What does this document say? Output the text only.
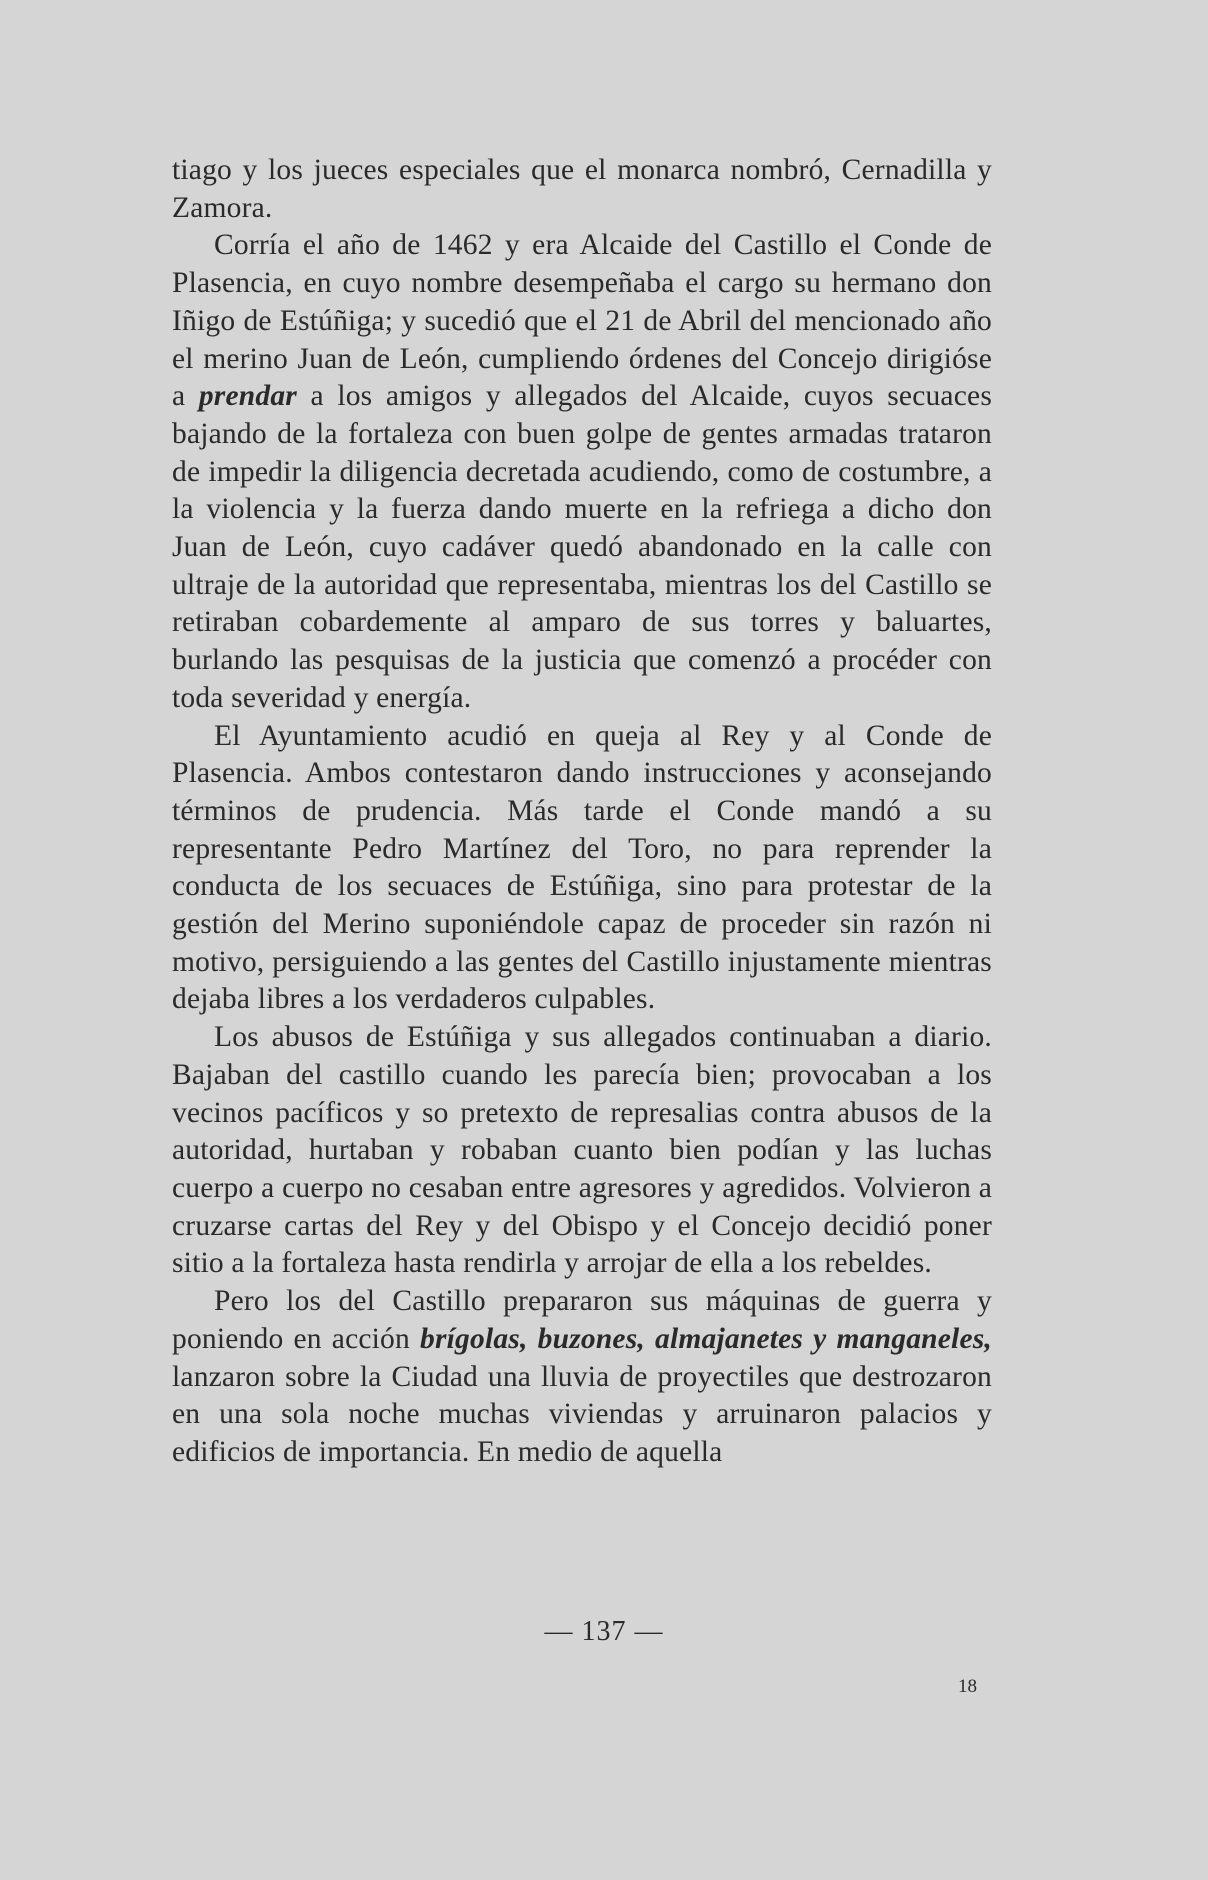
tiago y los jueces especiales que el monarca nombró, Cernadilla y Zamora.

Corría el año de 1462 y era Alcaide del Castillo el Conde de Plasencia, en cuyo nombre desempeñaba el cargo su hermano don Iñigo de Estúñiga; y sucedió que el 21 de Abril del mencionado año el merino Juan de León, cumpliendo órdenes del Concejo dirigióse a prendar a los amigos y allegados del Alcaide, cuyos secuaces bajando de la fortaleza con buen golpe de gentes armadas trataron de impedir la diligencia decretada acudiendo, como de costumbre, a la violencia y la fuerza dando muerte en la refriega a dicho don Juan de León, cuyo cadáver quedó abandonado en la calle con ultraje de la autoridad que representaba, mientras los del Castillo se retiraban cobardemente al amparo de sus torres y baluartes, burlando las pesquisas de la justicia que comenzó a procéder con toda severidad y energía.

El Ayuntamiento acudió en queja al Rey y al Conde de Plasencia. Ambos contestaron dando instrucciones y aconsejando términos de prudencia. Más tarde el Conde mandó a su representante Pedro Martínez del Toro, no para reprender la conducta de los secuaces de Estúñiga, sino para protestar de la gestión del Merino suponiéndole capaz de proceder sin razón ni motivo, persiguiendo a las gentes del Castillo injustamente mientras dejaba libres a los verdaderos culpables.

Los abusos de Estúñiga y sus allegados continuaban a diario. Bajaban del castillo cuando les parecía bien; provocaban a los vecinos pacíficos y so pretexto de represalias contra abusos de la autoridad, hurtaban y robaban cuanto bien podían y las luchas cuerpo a cuerpo no cesaban entre agresores y agredidos. Volvieron a cruzarse cartas del Rey y del Obispo y el Concejo decidió poner sitio a la fortaleza hasta rendirla y arrojar de ella a los rebeldes.

Pero los del Castillo prepararon sus máquinas de guerra y poniendo en acción brígolas, buzones, almajanetes y manganeles, lanzaron sobre la Ciudad una lluvia de proyectiles que destrozaron en una sola noche muchas viviendas y arruinaron palacios y edificios de importancia. En medio de aquella

— 137 —
18
